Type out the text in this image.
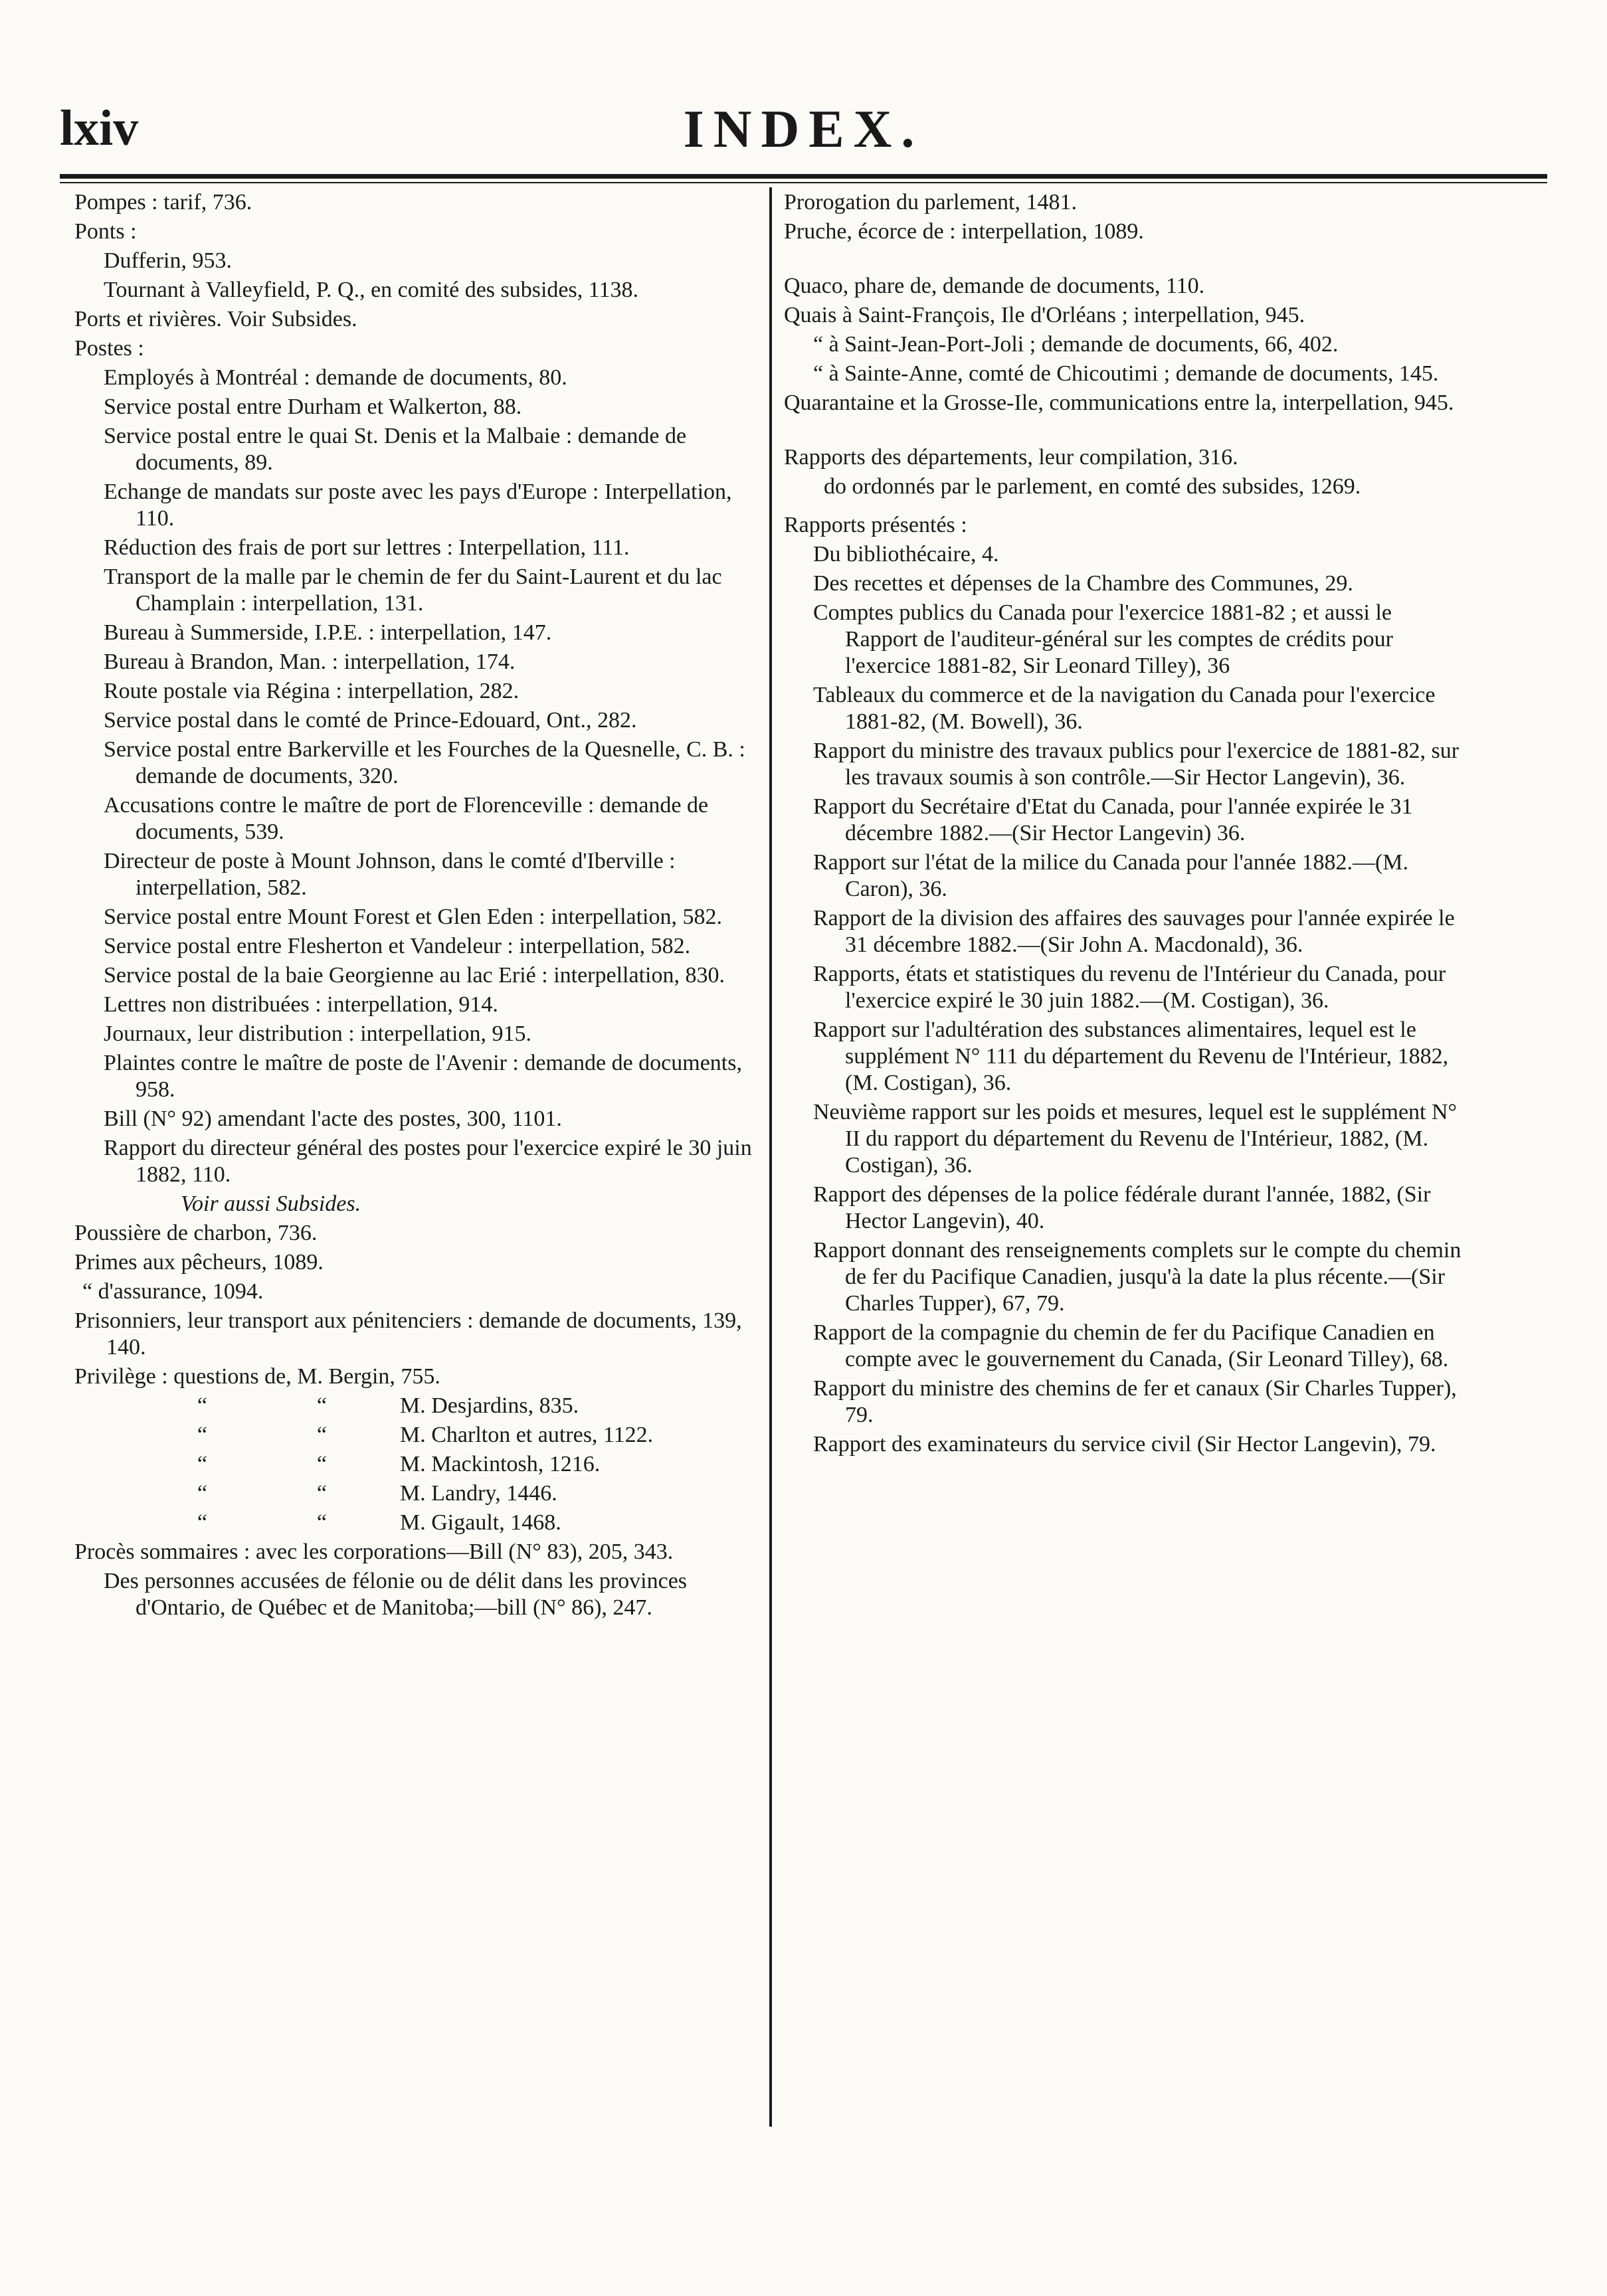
lxiv	INDEX.
Pompes : tarif, 736.
Ponts :
Dufferin, 953.
Tournant à Valleyfield, P. Q., en comité des subsides, 1138.
Ports et rivières. Voir Subsides.
Postes :
Employés à Montréal : demande de documents, 80.
Service postal entre Durham et Walkerton, 88.
Service postal entre le quai St. Denis et la Malbaie : demande de documents, 89.
Echange de mandats sur poste avec les pays d'Europe : Interpellation, 110.
Réduction des frais de port sur lettres : Interpellation, 111.
Transport de la malle par le chemin de fer du Saint-Laurent et du lac Champlain : interpellation, 131.
Bureau à Summerside, I.P.E. : interpellation, 147.
Bureau à Brandon, Man. : interpellation, 174.
Route postale via Régina : interpellation, 282.
Service postal dans le comté de Prince-Edouard, Ont., 282.
Service postal entre Barkerville et les Fourches de la Quesnelle, C. B. : demande de documents, 320.
Accusations contre le maître de port de Florenceville : demande de documents, 539.
Directeur de poste à Mount Johnson, dans le comté d'Iberville : interpellation, 582.
Service postal entre Mount Forest et Glen Eden : interpellation, 582.
Service postal entre Flesherton et Vandeleur : interpellation, 582.
Service postal de la baie Georgienne au lac Erié : interpellation, 830.
Lettres non distribuées : interpellation, 914.
Journaux, leur distribution : interpellation, 915.
Plaintes contre le maître de poste de l'Avenir : demande de documents, 958.
Bill (N° 92) amendant l'acte des postes, 300, 1101.
Rapport du directeur général des postes pour l'exercice expiré le 30 juin 1882, 110.
Voir aussi Subsides.
Poussière de charbon, 736.
Primes aux pêcheurs, 1089.
“ d'assurance, 1094.
Prisonniers, leur transport aux pénitenciers : demande de documents, 139, 140.
Privilège : questions de, M. Bergin, 755.
“	“	M. Desjardins, 835.
“	“	M. Charlton et autres, 1122.
“	“	M. Mackintosh, 1216.
“	“	M. Landry, 1446.
“	“	M. Gigault, 1468.
Procès sommaires : avec les corporations—Bill (N° 83), 205, 343.
Des personnes accusées de félonie ou de délit dans les provinces d'Ontario, de Québec et de Manitoba;—bill (N° 86), 247.
Prorogation du parlement, 1481.
Pruche, écorce de : interpellation, 1089.
Quaco, phare de, demande de documents, 110.
Quais à Saint-François, Ile d'Orléans ; interpellation, 945.
“ à Saint-Jean-Port-Joli ; demande de documents, 66, 402.
“ à Sainte-Anne, comté de Chicoutimi ; demande de documents, 145.
Quarantaine et la Grosse-Ile, communications entre la, interpellation, 945.
Rapports des départements, leur compilation, 316.
do ordonnés par le parlement, en comté des subsides, 1269.
Rapports présentés :
Du bibliothécaire, 4.
Des recettes et dépenses de la Chambre des Communes, 29.
Comptes publics du Canada pour l'exercice 1881-82 ; et aussi le Rapport de l'auditeur-général sur les comptes de crédits pour l'exercice 1881-82, Sir Leonard Tilley), 36
Tableaux du commerce et de la navigation du Canada pour l'exercice 1881-82, (M. Bowell), 36.
Rapport du ministre des travaux publics pour l'exercice de 1881-82, sur les travaux soumis à son contrôle.—Sir Hector Langevin), 36.
Rapport du Secrétaire d'Etat du Canada, pour l'année expirée le 31 décembre 1882.—(Sir Hector Langevin) 36.
Rapport sur l'état de la milice du Canada pour l'année 1882.—(M. Caron), 36.
Rapport de la division des affaires des sauvages pour l'année expirée le 31 décembre 1882.—(Sir John A. Macdonald), 36.
Rapports, états et statistiques du revenu de l'Intérieur du Canada, pour l'exercice expiré le 30 juin 1882.—(M. Costigan), 36.
Rapport sur l'adultération des substances alimentaires, lequel est le supplément N° 111 du département du Revenu de l'Intérieur, 1882, (M. Costigan), 36.
Neuvième rapport sur les poids et mesures, lequel est le supplément N° II du rapport du département du Revenu de l'Intérieur, 1882, (M. Costigan), 36.
Rapport des dépenses de la police fédérale durant l'année, 1882, (Sir Hector Langevin), 40.
Rapport donnant des renseignements complets sur le compte du chemin de fer du Pacifique Canadien, jusqu'à la date la plus récente.—(Sir Charles Tupper), 67, 79.
Rapport de la compagnie du chemin de fer du Pacifique Canadien en compte avec le gouvernement du Canada, (Sir Leonard Tilley), 68.
Rapport du ministre des chemins de fer et canaux (Sir Charles Tupper), 79.
Rapport des examinateurs du service civil (Sir Hector Langevin), 79.
